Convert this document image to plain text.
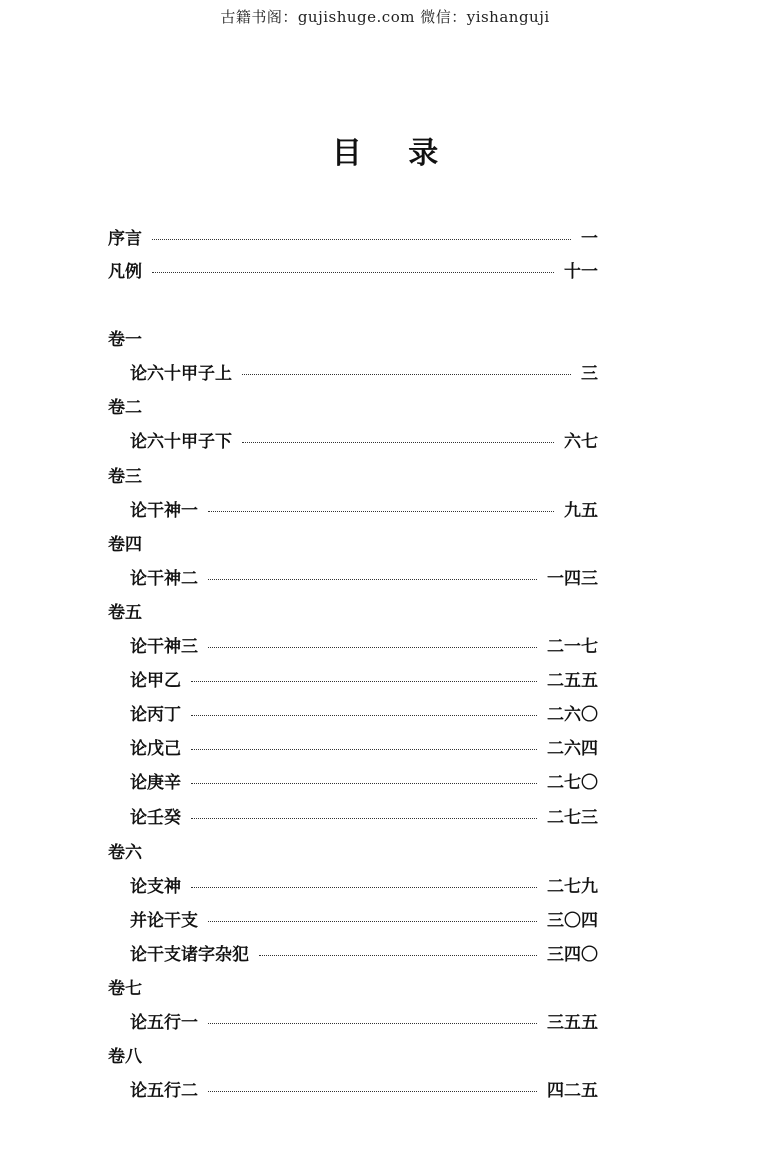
古籍书阁：gujishuge.com 微信：yishanguji
目 录
序言	一
凡例	十一
卷一
论六十甲子上	三
卷二
论六十甲子下	六七
卷三
论干神一	九五
卷四
论干神二	一四三
卷五
论干神三	二一七
论甲乙	二五五
论丙丁	二六〇
论戊己	二六四
论庚辛	二七〇
论壬癸	二七三
卷六
论支神	二七九
并论干支	三〇四
论干支诸字杂犯	三四〇
卷七
论五行一	三五五
卷八
论五行二	四二五
